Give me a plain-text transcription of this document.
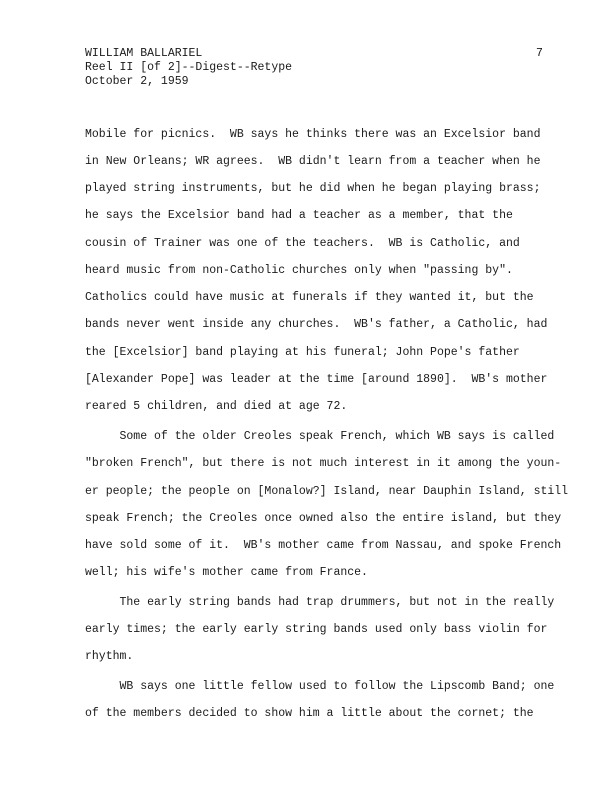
WILLIAM BALLARIEL
Reel II [of 2]--Digest--Retype
October 2, 1959
7
Mobile for picnics.  WB says he thinks there was an Excelsior band
in New Orleans; WR agrees.  WB didn't learn from a teacher when he
played string instruments, but he did when he began playing brass;
he says the Excelsior band had a teacher as a member, that the
cousin of Trainer was one of the teachers.  WB is Catholic, and
heard music from non-Catholic churches only when "passing by".
Catholics could have music at funerals if they wanted it, but the
bands never went inside any churches.  WB's father, a Catholic, had
the [Excelsior] band playing at his funeral; John Pope's father
[Alexander Pope] was leader at the time [around 1890].  WB's mother
reared 5 children, and died at age 72.
Some of the older Creoles speak French, which WB says is called
"broken French", but there is not much interest in it among the youn-
er people; the people on [Monalow?] Island, near Dauphin Island, still
speak French; the Creoles once owned also the entire island, but they
have sold some of it.  WB's mother came from Nassau, and spoke French
well; his wife's mother came from France.
The early string bands had trap drummers, but not in the really
early times; the early early string bands used only bass violin for
rhythm.
WB says one little fellow used to follow the Lipscomb Band; one
of the members decided to show him a little about the cornet; the
